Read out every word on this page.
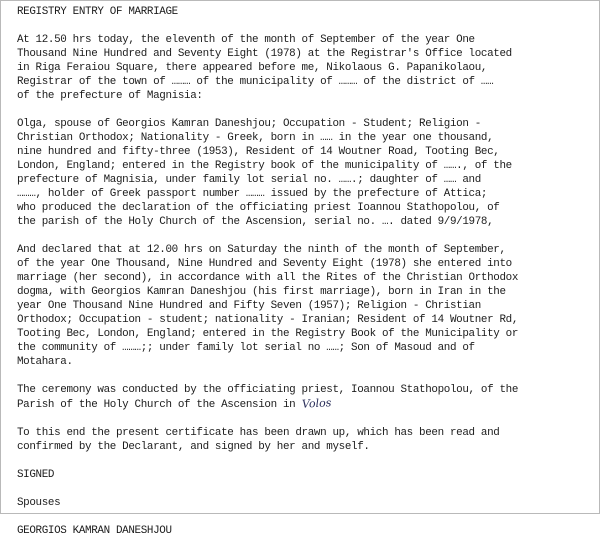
REGISTRY ENTRY OF MARRIAGE

At 12.50 hrs today, the eleventh of the month of September of the year One
Thousand Nine Hundred and Seventy Eight (1978) at the Registrar's Office located
in Riga Feraiou Square, there appeared before me, Nikolaous G. Papanikolaou,
Registrar of the town of ……… of the municipality of ……… of the district of ……
of the prefecture of Magnisia:

Olga, spouse of Georgios Kamran Daneshjou; Occupation - Student; Religion -
Christian Orthodox; Nationality - Greek, born in …… in the year one thousand,
nine hundred and fifty-three (1953), Resident of 14 Woutner Road, Tooting Bec,
London, England; entered in the Registry book of the municipality of ……., of the
prefecture of Magnisia, under family lot serial no. …….; daughter of …… and
………, holder of Greek passport number ……… issued by the prefecture of Attica;
who produced the declaration of the officiating priest Ioannou Stathopolou, of
the parish of the Holy Church of the Ascension, serial no. …. dated 9/9/1978,

And declared that at 12.00 hrs on Saturday the ninth of the month of September,
of the year One Thousand, Nine Hundred and Seventy Eight (1978) she entered into
marriage (her second), in accordance with all the Rites of the Christian Orthodox
dogma, with Georgios Kamran Daneshjou (his first marriage), born in Iran in the
year One Thousand Nine Hundred and Fifty Seven (1957); Religion - Christian
Orthodox; Occupation - student; nationality - Iranian; Resident of 14 Woutner Rd,
Tooting Bec, London, England; entered in the Registry Book of the Municipality or
the community of ………;; under family lot serial no ……; Son of Masoud and of
Motahara.

The ceremony was conducted by the officiating priest, Ioannou Stathopolou, of the
Parish of the Holy Church of the Ascension in Volos

To this end the present certificate has been drawn up, which has been read and
confirmed by the Declarant, and signed by her and myself.

SIGNED

Spouses

GEORGIOS KAMRAN DANESHJOU
